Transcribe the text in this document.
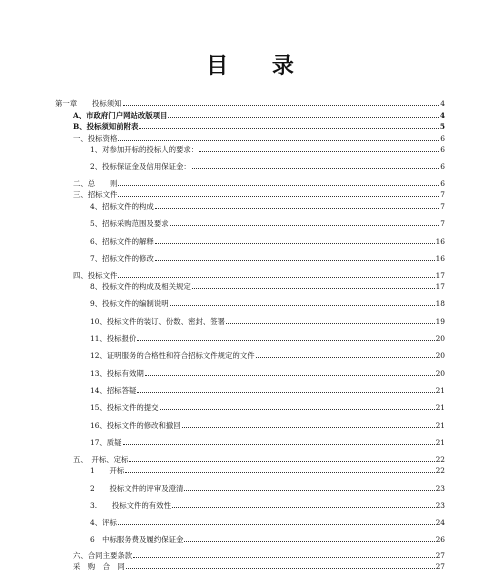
目 录
第一章　　投标须知	4
A、市政府门户网站改版项目	4
B、投标须知前附表	5
一、投标资格	6
1、对参加开标的投标人的要求：	6
2、投标保证金及信用保证金：	6
二、总　　则	6
三、招标文件	7
4、招标文件的构成	7
5、招标采购范围及要求	7
6、招标文件的解释	16
7、招标文件的修改	16
四、投标文件	17
8、投标文件的构成及相关规定	17
9、投标文件的编制说明	18
10、投标文件的装订、份数、密封、签署	19
11、投标报价	20
12、证明服务的合格性和符合招标文件规定的文件	20
13、投标有效期	20
14、招标答疑	21
15、投标文件的提交	21
16、投标文件的修改和撤回	21
17、质疑	21
五、　开标、定标	22
1　　开标	22
2　　投标文件的评审及澄清	23
3.　　投标文件的有效性	23
4、评标	24
6　中标服务费及履约保证金	26
六、合同主要条款	27
采　购　合　同	27
